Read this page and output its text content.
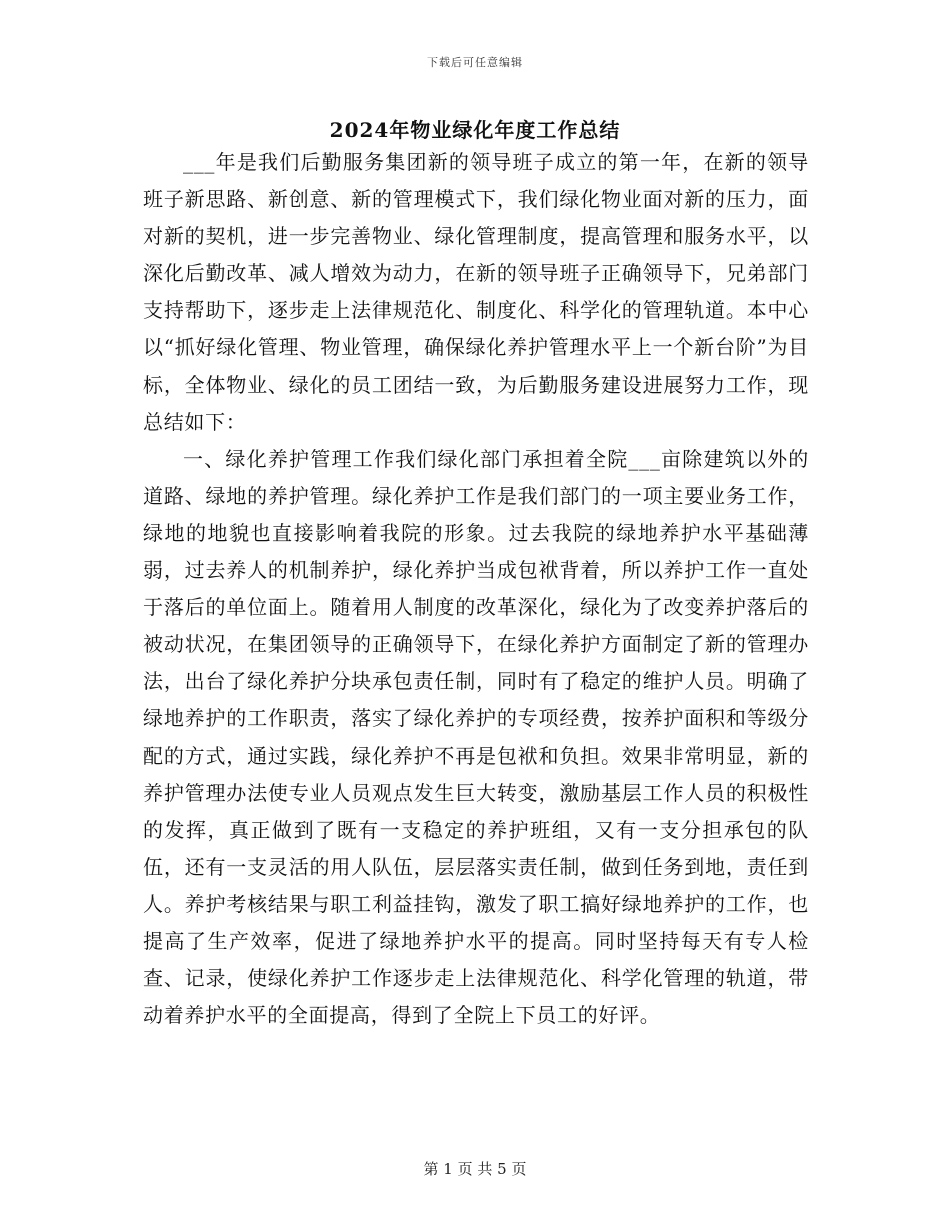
下载后可任意编辑
2024年物业绿化年度工作总结

___年是我们后勤服务集团新的领导班子成立的第一年，在新的领导班子新思路、新创意、新的管理模式下，我们绿化物业面对新的压力，面对新的契机，进一步完善物业、绿化管理制度，提高管理和服务水平，以深化后勤改革、减人增效为动力，在新的领导班子正确领导下，兄弟部门支持帮助下，逐步走上法律规范化、制度化、科学化的管理轨道。本中心以“抓好绿化管理、物业管理，确保绿化养护管理水平上一个新台阶”为目标，全体物业、绿化的员工团结一致，为后勤服务建设进展努力工作，现总结如下：

一、绿化养护管理工作我们绿化部门承担着全院___亩除建筑以外的道路、绿地的养护管理。绿化养护工作是我们部门的一项主要业务工作，绿地的地貌也直接影响着我院的形象。过去我院的绿地养护水平基础薄弱，过去养人的机制养护，绿化养护当成包袱背着，所以养护工作一直处于落后的单位面上。随着用人制度的改革深化，绿化为了改变养护落后的被动状况，在集团领导的正确领导下，在绿化养护方面制定了新的管理办法，出台了绿化养护分块承包责任制，同时有了稳定的维护人员。明确了绿地养护的工作职责，落实了绿化养护的专项经费，按养护面积和等级分配的方式，通过实践，绿化养护不再是包袱和负担。效果非常明显，新的养护管理办法使专业人员观点发生巨大转变，激励基层工作人员的积极性的发挥，真正做到了既有一支稳定的养护班组，又有一支分担承包的队伍，还有一支灵活的用人队伍，层层落实责任制，做到任务到地，责任到人。养护考核结果与职工利益挂钩，激发了职工搞好绿地养护的工作，也提高了生产效率，促进了绿地养护水平的提高。同时坚持每天有专人检查、记录，使绿化养护工作逐步走上法律规范化、科学化管理的轨道，带动着养护水平的全面提高，得到了全院上下员工的好评。

第 1 页 共 5 页
